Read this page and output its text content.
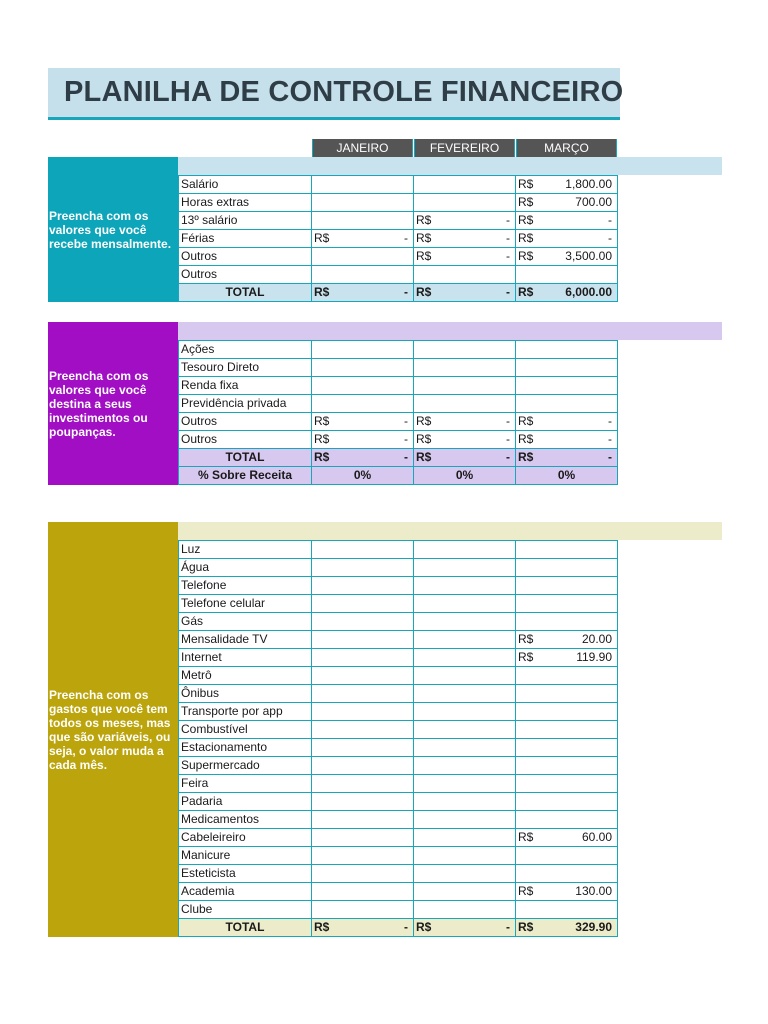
PLANILHA DE CONTROLE FINANCEIRO
JANEIRO	FEVEREIRO	MARÇO
Preencha com os valores que você recebe mensalmente.
Salário			R$ 1,800.00

Horas extras			R$ 700.00

13º salário		R$ -	R$ -

Férias	R$ -	R$ -	R$ -

Outros		R$ -	R$ 3,500.00

Outros	

TOTAL	R$ -	R$ -	R$ 6,000.00
Preencha com os valores que você destina a seus investimentos ou poupanças.
Ações	

Tesouro Direto	

Renda fixa	

Previdência privada	

Outros	R$ -	R$ -	R$ -

Outros	R$ -	R$ -	R$ -

TOTAL	R$ -	R$ -	R$ -

% Sobre Receita	0%	0%	0%
Preencha com os gastos que você tem todos os meses, mas que são variáveis, ou seja, o valor muda a cada mês.
Luz	

Água	

Telefone	

Telefone celular	

Gás	

Mensalidade TV			R$ 20.00

Internet			R$ 119.90

Metrô	

Ônibus	

Transporte por app	

Combustível	

Estacionamento	

Supermercado	

Feira	

Padaria	

Medicamentos	

Cabeleireiro			R$ 60.00

Manicure	

Esteticista	

Academia			R$ 130.00

Clube	

TOTAL	R$ -	R$ -	R$ 329.90
